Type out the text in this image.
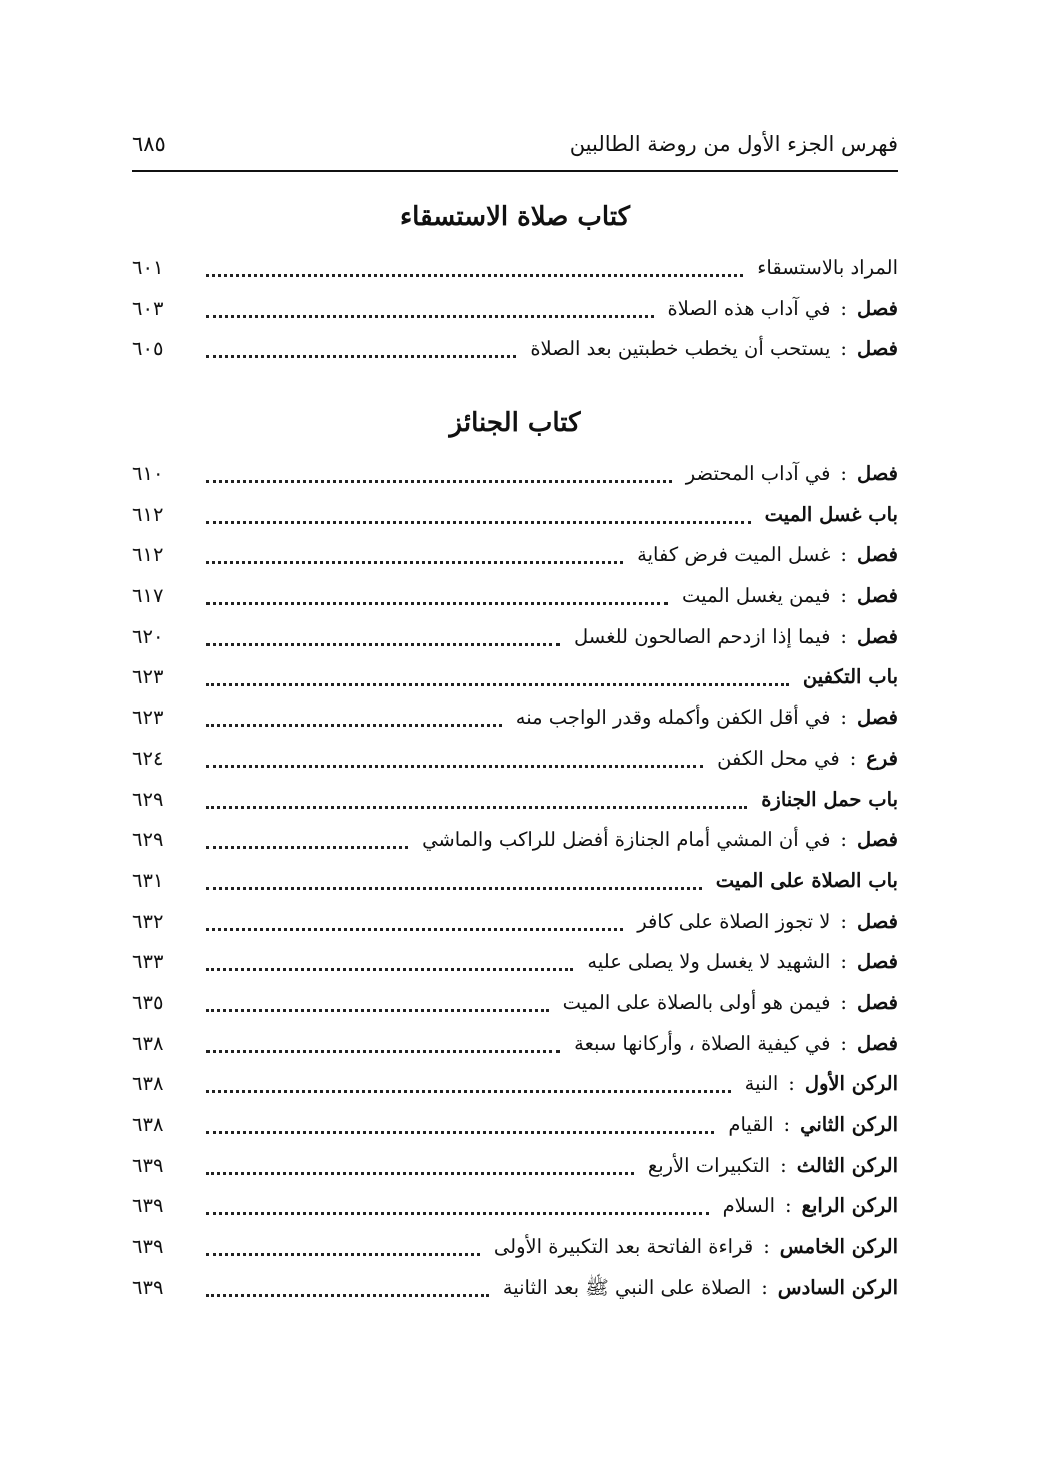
فهرس الجزء الأول من روضة الطالبين
٦٨٥
كتاب صلاة الاستسقاء
المراد بالاستسقاء
٦٠١
فصل:في آداب هذه الصلاة
٦٠٣
فصل:يستحب أن يخطب خطبتين بعد الصلاة
٦٠٥
كتاب الجنائز
فصل:في آداب المحتضر
٦١٠
باب غسل الميت
٦١٢
فصل:غسل الميت فرض كفاية
٦١٢
فصل:فيمن يغسل الميت
٦١٧
فصل:فيما إذا ازدحم الصالحون للغسل
٦٢٠
باب التكفين
٦٢٣
فصل:في أقل الكفن وأكمله وقدر الواجب منه
٦٢٣
فرع:في محل الكفن
٦٢٤
باب حمل الجنازة
٦٢٩
فصل:في أن المشي أمام الجنازة أفضل للراكب والماشي
٦٢٩
باب الصلاة على الميت
٦٣١
فصل:لا تجوز الصلاة على كافر
٦٣٢
فصل:الشهيد لا يغسل ولا يصلى عليه
٦٣٣
فصل:فيمن هو أولى بالصلاة على الميت
٦٣٥
فصل:في كيفية الصلاة ، وأركانها سبعة
٦٣٨
الركن الأول:النية
٦٣٨
الركن الثاني:القيام
٦٣٨
الركن الثالث:التكبيرات الأربع
٦٣٩
الركن الرابع:السلام
٦٣٩
الركن الخامس:قراءة الفاتحة بعد التكبيرة الأولى
٦٣٩
الركن السادس:الصلاة على النبي ﷺ بعد الثانية
٦٣٩
